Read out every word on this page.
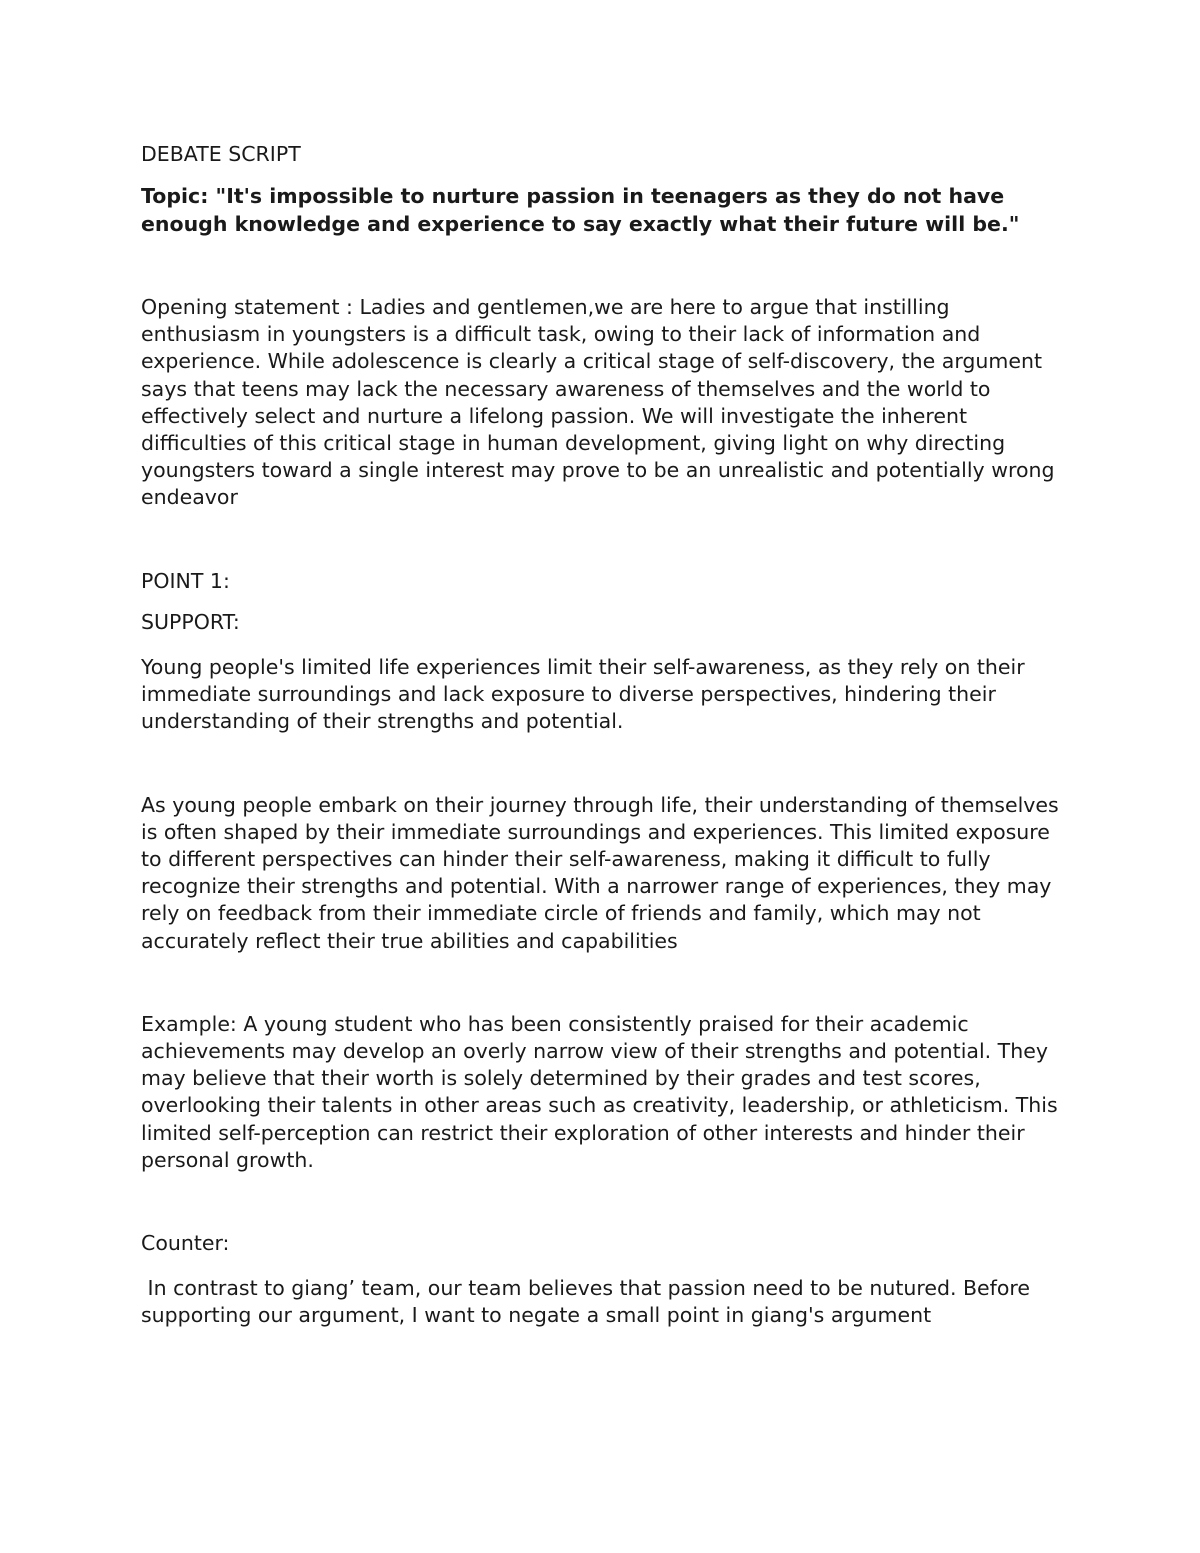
DEBATE SCRIPT

Topic: "It's impossible to nurture passion in teenagers as they do not have enough knowledge and experience to say exactly what their future will be."

Opening statement : Ladies and gentlemen,we are here to argue that instilling enthusiasm in youngsters is a difficult task, owing to their lack of information and experience. While adolescence is clearly a critical stage of self-discovery, the argument says that teens may lack the necessary awareness of themselves and the world to effectively select and nurture a lifelong passion. We will investigate the inherent difficulties of this critical stage in human development, giving light on why directing youngsters toward a single interest may prove to be an unrealistic and potentially wrong endeavor

POINT 1:

SUPPORT:

Young people's limited life experiences limit their self-awareness, as they rely on their immediate surroundings and lack exposure to diverse perspectives, hindering their understanding of their strengths and potential.

As young people embark on their journey through life, their understanding of themselves is often shaped by their immediate surroundings and experiences. This limited exposure to different perspectives can hinder their self-awareness, making it difficult to fully recognize their strengths and potential. With a narrower range of experiences, they may rely on feedback from their immediate circle of friends and family, which may not accurately reflect their true abilities and capabilities

Example: A young student who has been consistently praised for their academic achievements may develop an overly narrow view of their strengths and potential. They may believe that their worth is solely determined by their grades and test scores, overlooking their talents in other areas such as creativity, leadership, or athleticism. This limited self-perception can restrict their exploration of other interests and hinder their personal growth.

Counter:

In contrast to giang’ team, our team believes that passion need to be nutured. Before supporting our argument, I want to negate a small point in giang's argument
